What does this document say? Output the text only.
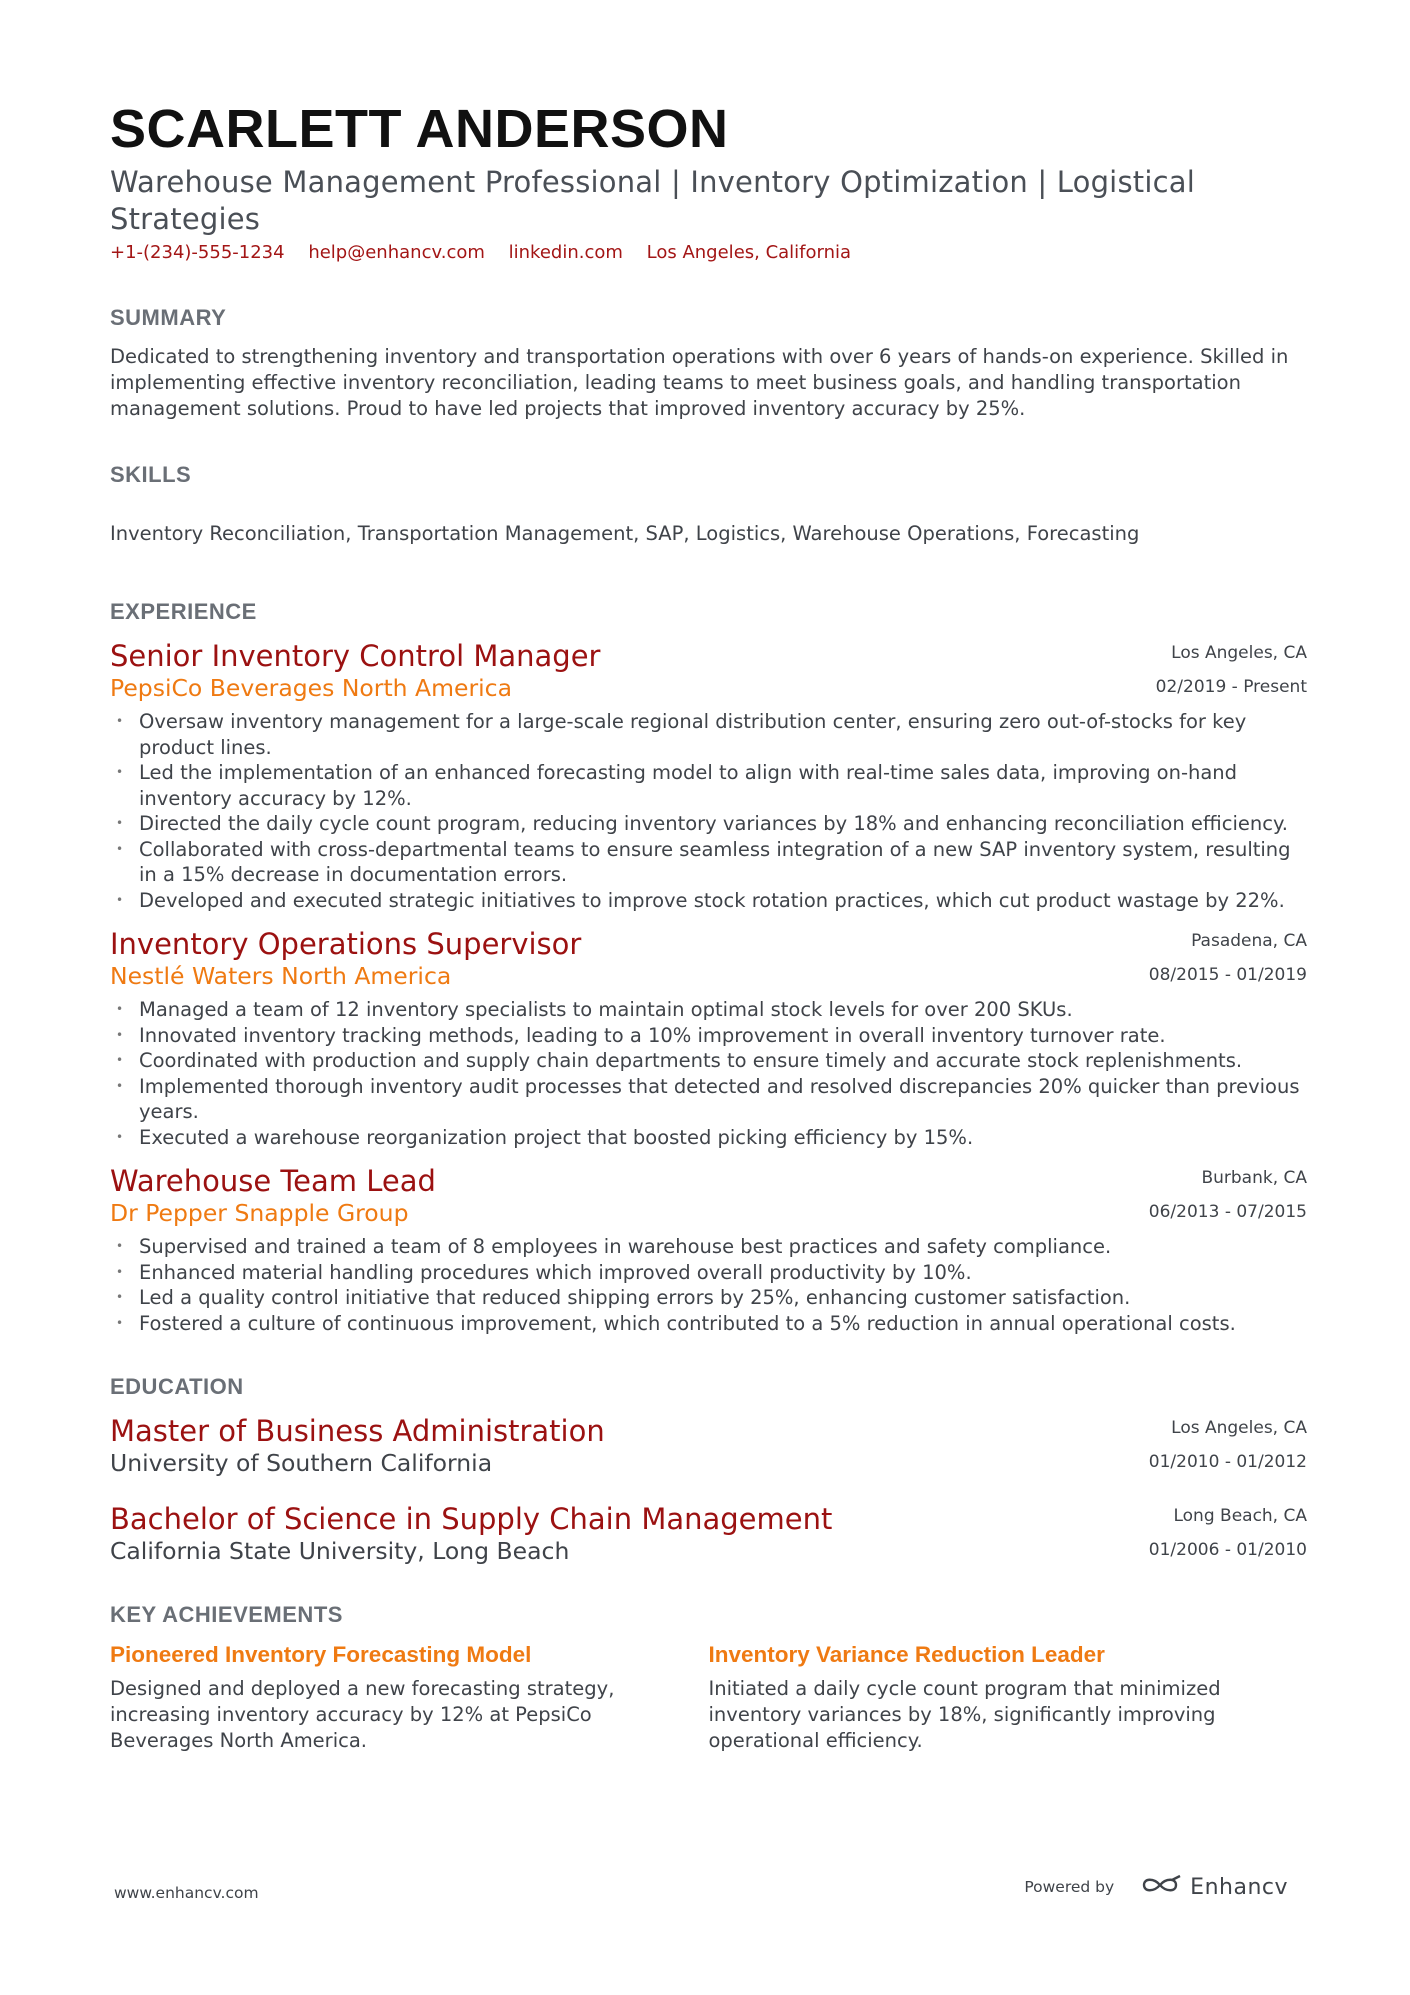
SCARLETT ANDERSON
Warehouse Management Professional | Inventory Optimization | Logistical Strategies
+1-(234)-555-1234 help@enhancv.com linkedin.com Los Angeles, California
SUMMARY
Dedicated to strengthening inventory and transportation operations with over 6 years of hands-on experience. Skilled in implementing effective inventory reconciliation, leading teams to meet business goals, and handling transportation management solutions. Proud to have led projects that improved inventory accuracy by 25%.
SKILLS
Inventory Reconciliation, Transportation Management, SAP, Logistics, Warehouse Operations, Forecasting
EXPERIENCE
Senior Inventory Control Manager
PepsiCo Beverages North America
Los Angeles, CA
02/2019 - Present
• Oversaw inventory management for a large-scale regional distribution center, ensuring zero out-of-stocks for key product lines.
• Led the implementation of an enhanced forecasting model to align with real-time sales data, improving on-hand inventory accuracy by 12%.
• Directed the daily cycle count program, reducing inventory variances by 18% and enhancing reconciliation efficiency.
• Collaborated with cross-departmental teams to ensure seamless integration of a new SAP inventory system, resulting in a 15% decrease in documentation errors.
• Developed and executed strategic initiatives to improve stock rotation practices, which cut product wastage by 22%.
Inventory Operations Supervisor
Nestlé Waters North America
Pasadena, CA
08/2015 - 01/2019
• Managed a team of 12 inventory specialists to maintain optimal stock levels for over 200 SKUs.
• Innovated inventory tracking methods, leading to a 10% improvement in overall inventory turnover rate.
• Coordinated with production and supply chain departments to ensure timely and accurate stock replenishments.
• Implemented thorough inventory audit processes that detected and resolved discrepancies 20% quicker than previous years.
• Executed a warehouse reorganization project that boosted picking efficiency by 15%.
Warehouse Team Lead
Dr Pepper Snapple Group
Burbank, CA
06/2013 - 07/2015
• Supervised and trained a team of 8 employees in warehouse best practices and safety compliance.
• Enhanced material handling procedures which improved overall productivity by 10%.
• Led a quality control initiative that reduced shipping errors by 25%, enhancing customer satisfaction.
• Fostered a culture of continuous improvement, which contributed to a 5% reduction in annual operational costs.
EDUCATION
Master of Business Administration
University of Southern California
Los Angeles, CA
01/2010 - 01/2012
Bachelor of Science in Supply Chain Management
California State University, Long Beach
Long Beach, CA
01/2006 - 01/2010
KEY ACHIEVEMENTS
Pioneered Inventory Forecasting Model
Designed and deployed a new forecasting strategy, increasing inventory accuracy by 12% at PepsiCo Beverages North America.
Inventory Variance Reduction Leader
Initiated a daily cycle count program that minimized inventory variances by 18%, significantly improving operational efficiency.
www.enhancv.com	Powered by	Enhancv
